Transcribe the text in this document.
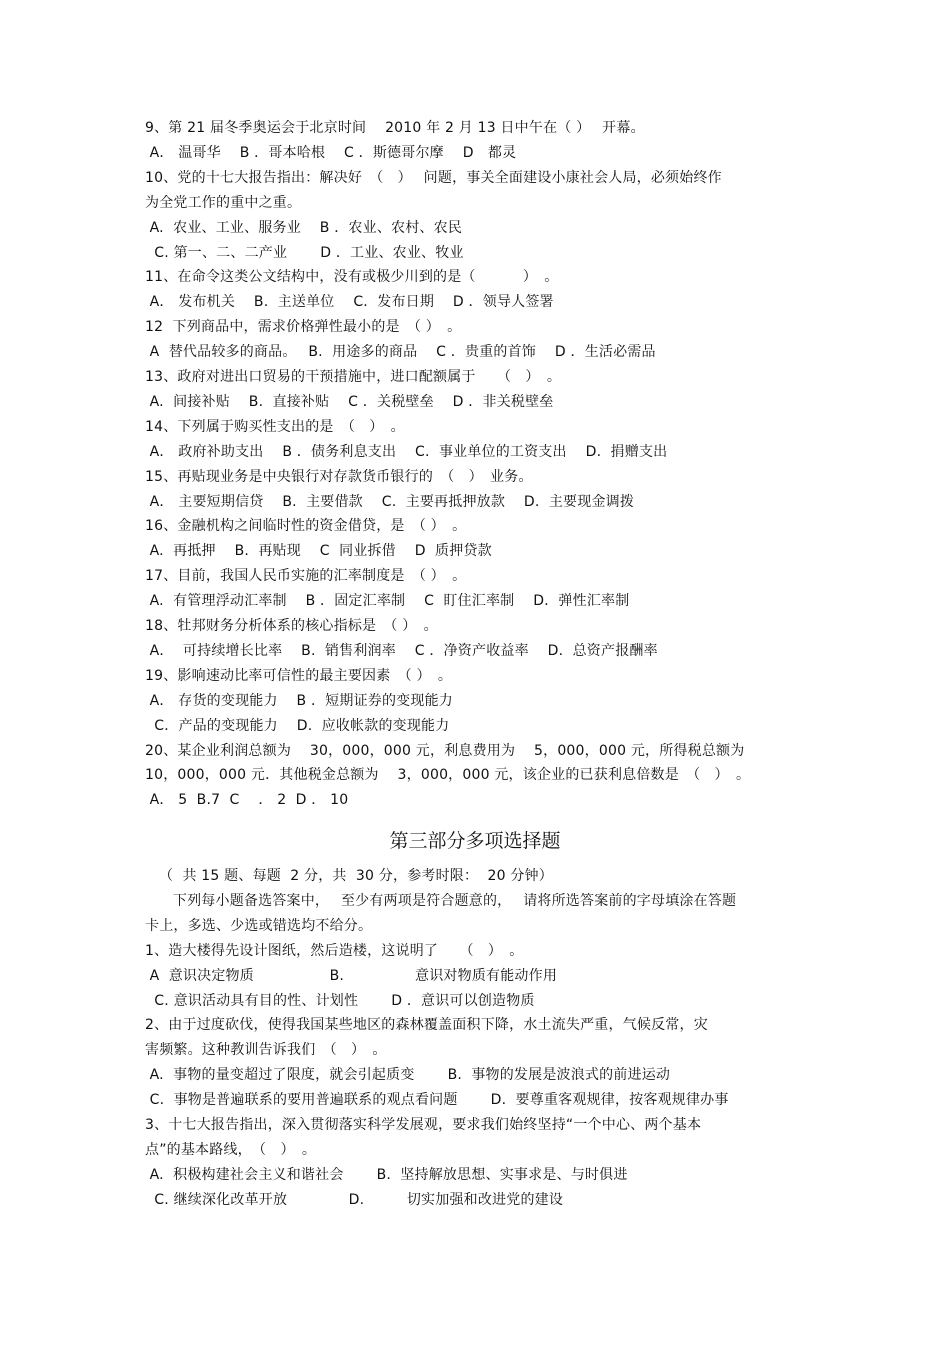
9、第 21 届冬季奥运会于北京时间　 2010 年 2 月 13 日中午在（ ）　 开幕。
A． 温哥华　 B ．哥本哈根　 C ．斯德哥尔摩　 D　都灵
10、党的十七大报告指出：解决好　（　）　 问题，事关全面建设小康社会人局，必须始终作
为全党工作的重中之重。
A.  农业、工业、服务业　 B ．农业、农村、农民
C. 第一、二、二产业　　 D ．工业、农业、牧业
11、在命令这类公文结构中，没有或极少川到的是（　　　 ）　。
A． 发布机关　 B.  主送单位　 C.  发布日期　 D ．领导人签署
12  下列商品中，需求价格弹性最小的是　（ ）　。
A  替代品较多的商品。　 B.  用途多的商品　 C ．贵重的首饰　 D ．生活必需品
13、政府对进出口贸易的干预措施中，进口配额属于　　（　）　。
A.  间接补贴　 B.  直接补贴　 C ．关税壁垒　 D ．非关税壁垒
14、下列属于购买性支出的是　（　）　。
A． 政府补助支出　 B ．债务利息支出　 C.  事业单位的工资支出　 D.  捐赠支出
15、再贴现业务是中央银行对存款货币银行的　（　）　业务。
A． 主要短期信贷　 B.  主要借款　 C.  主要再抵押放款　 D.  主要现金调拨
16、金融机构之间临时性的资金借贷，是　（ ）　。
A.  再抵押　 B.  再贴现　 C  同业拆借　 D  质押贷款
17、目前，我国人民币实施的汇率制度是　（ ）　。
A.  有管理浮动汇率制　 B ．固定汇率制　 C  盯住汇率制　 D．弹性汇率制
18、牡邦财务分析体系的核心指标是　（ ）　。
A．  可持续增长比率　 B.  销售利润率　 C ．净资产收益率　 D.  总资产报酬率
19、影响速动比率可信性的最主要因素　（ ）　。
A． 存货的变现能力　 B ．短期证券的变现能力
C．产品的变现能力　 D.  应收帐款的变现能力
20、某企业利润总额为　 30，000，000 元，利息费用为　 5，000，000 元，所得税总额为
10，000，000 元．其他税金总额为　 3，000，000 元，该企业的已获利息倍数是　（　）　。
A． 5  B.7  C 　． 2  D ． 10
第三部分多项选择题
（  共 15 题、每题  2 分，共  30 分，参考时限：  20 分钟）
下列每小题备选答案中，　 至少有两项是符合题意的，　 请将所选答案前的字母填涂在答题
卡上，多选、少选或错选均不给分。
1、造大楼得先设计图纸，然后造楼，这说明了　　（　）　。
A  意识决定物质　　　　　 B.　　　　　意识对物质有能动作用
C. 意识活动具有目的性、计划性　　 D ．意识可以创造物质
2、由于过度砍伐，使得我国某些地区的森林覆盖面积下降，水土流失严重，气候反常，灾
害频繁。这种教训告诉我们　（　）　。
A.  事物的量变超过了限度，就会引起质变　　 B.  事物的发展是波浪式的前进运动
C.  事物是普遍联系的要用普遍联系的观点看问题　　 D.  要尊重客观规律，按客观规律办事
3、十七大报告指出，深入贯彻落实科学发展观，要求我们始终坚持“一个中心、两个基本
点”的基本路线，　（　）　。
A.  积极构建社会主义和谐社会　　 B.  坚持解放思想、实事求是、与时俱进
C. 继续深化改革开放　　　　 D.　　　切实加强和改进党的建设
